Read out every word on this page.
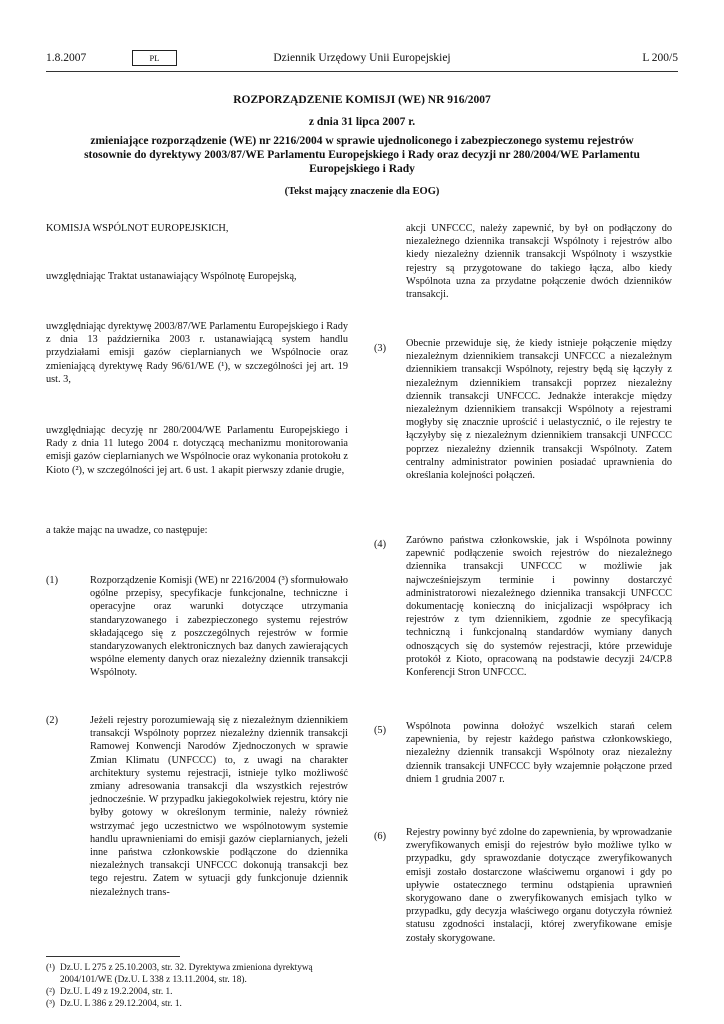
1.8.2007	PL	Dziennik Urzędowy Unii Europejskiej	L 200/5
ROZPORZĄDZENIE KOMISJI (WE) NR 916/2007
z dnia 31 lipca 2007 r.
zmieniające rozporządzenie (WE) nr 2216/2004 w sprawie ujednoliconego i zabezpieczonego systemu rejestrów stosownie do dyrektywy 2003/87/WE Parlamentu Europejskiego i Rady oraz decyzji nr 280/2004/WE Parlamentu Europejskiego i Rady
(Tekst mający znaczenie dla EOG)

KOMISJA WSPÓLNOT EUROPEJSKICH,

uwzględniając Traktat ustanawiający Wspólnotę Europejską,

uwzględniając dyrektywę 2003/87/WE Parlamentu Europejskiego i Rady z dnia 13 października 2003 r. ustanawiającą system handlu przydziałami emisji gazów cieplarnianych we Wspólnocie oraz zmieniającą dyrektywę Rady 96/61/WE (¹), w szczególności jej art. 19 ust. 3,

uwzględniając decyzję nr 280/2004/WE Parlamentu Europejskiego i Rady z dnia 11 lutego 2004 r. dotyczącą mechanizmu monitorowania emisji gazów cieplarnianych we Wspólnocie oraz wykonania protokołu z Kioto (²), w szczególności jej art. 6 ust. 1 akapit pierwszy zdanie drugie,

a także mając na uwadze, co następuje:

(1)	Rozporządzenie Komisji (WE) nr 2216/2004 (³) sformułowało ogólne przepisy, specyfikacje funkcjonalne, techniczne i operacyjne oraz warunki dotyczące utrzymania standaryzowanego i zabezpieczonego systemu rejestrów składającego się z poszczególnych rejestrów w formie standaryzowanych elektronicznych baz danych zawierających wspólne elementy danych oraz niezależny dziennik transakcji Wspólnoty.

(2)	Jeżeli rejestry porozumiewają się z niezależnym dziennikiem transakcji Wspólnoty poprzez niezależny dziennik transakcji Ramowej Konwencji Narodów Zjednoczonych w sprawie Zmian Klimatu (UNFCCC) to, z uwagi na charakter architektury systemu rejestracji, istnieje tylko możliwość zmiany adresowania transakcji dla wszystkich rejestrów jednocześnie. W przypadku jakiegokolwiek rejestru, który nie byłby gotowy w określonym terminie, należy również wstrzymać jego uczestnictwo we wspólnotowym systemie handlu uprawnieniami do emisji gazów cieplarnianych, jeżeli inne państwa członkowskie podłączone do dziennika niezależnych transakcji UNFCCC dokonują transakcji bez tego rejestru. Zatem w sytuacji gdy funkcjonuje dziennik niezależnych trans-

akcji UNFCCC, należy zapewnić, by był on podłączony do niezależnego dziennika transakcji Wspólnoty i rejestrów albo kiedy niezależny dziennik transakcji Wspólnoty i wszystkie rejestry są przygotowane do takiego łącza, albo kiedy Wspólnota uzna za przydatne połączenie dwóch dzienników transakcji.

(3) Obecnie przewiduje się, że kiedy istnieje połączenie między niezależnym dziennikiem transakcji UNFCCC a niezależnym dziennikiem transakcji Wspólnoty, rejestry będą się łączyły z niezależnym dziennikiem transakcji poprzez niezależny dziennik transakcji UNFCCC. Jednakże interakcje między niezależnym dziennikiem transakcji Wspólnoty a rejestrami mogłyby się znacznie uprościć i uelastycznić, o ile rejestry te łączyłyby się z niezależnym dziennikiem transakcji UNFCCC poprzez niezależny dziennik transakcji Wspólnoty. Zatem centralny administrator powinien posiadać uprawnienia do określania kolejności połączeń.

(4) Zarówno państwa członkowskie, jak i Wspólnota powinny zapewnić podłączenie swoich rejestrów do niezależnego dziennika transakcji UNFCCC w możliwie jak najwcześniejszym terminie i powinny dostarczyć administratorowi niezależnego dziennika transakcji UNFCCC dokumentację konieczną do inicjalizacji współpracy ich rejestrów z tym dziennikiem, zgodnie ze specyfikacją techniczną i funkcjonalną standardów wymiany danych odnoszących się do systemów rejestracji, które przewiduje protokół z Kioto, opracowaną na podstawie decyzji 24/CP.8 Konferencji Stron UNFCCC.

(5) Wspólnota powinna dołożyć wszelkich starań celem zapewnienia, by rejestr każdego państwa członkowskiego, niezależny dziennik transakcji Wspólnoty oraz niezależny dziennik transakcji UNFCCC były wzajemnie połączone przed dniem 1 grudnia 2007 r.

(6) Rejestry powinny być zdolne do zapewnienia, by wprowadzanie zweryfikowanych emisji do rejestrów było możliwe tylko w przypadku, gdy sprawozdanie dotyczące zweryfikowanych emisji zostało dostarczone właściwemu organowi i gdy po upływie ostatecznego terminu odstąpienia uprawnień skorygowano dane o zweryfikowanych emisjach tylko w przypadku, gdy decyzja właściwego organu dotyczyła również statusu zgodności instalacji, której zweryfikowane emisje zostały skorygowane.

(¹) Dz.U. L 275 z 25.10.2003, str. 32. Dyrektywa zmieniona dyrektywą 2004/101/WE (Dz.U. L 338 z 13.11.2004, str. 18).
(²) Dz.U. L 49 z 19.2.2004, str. 1.
(³) Dz.U. L 386 z 29.12.2004, str. 1.
